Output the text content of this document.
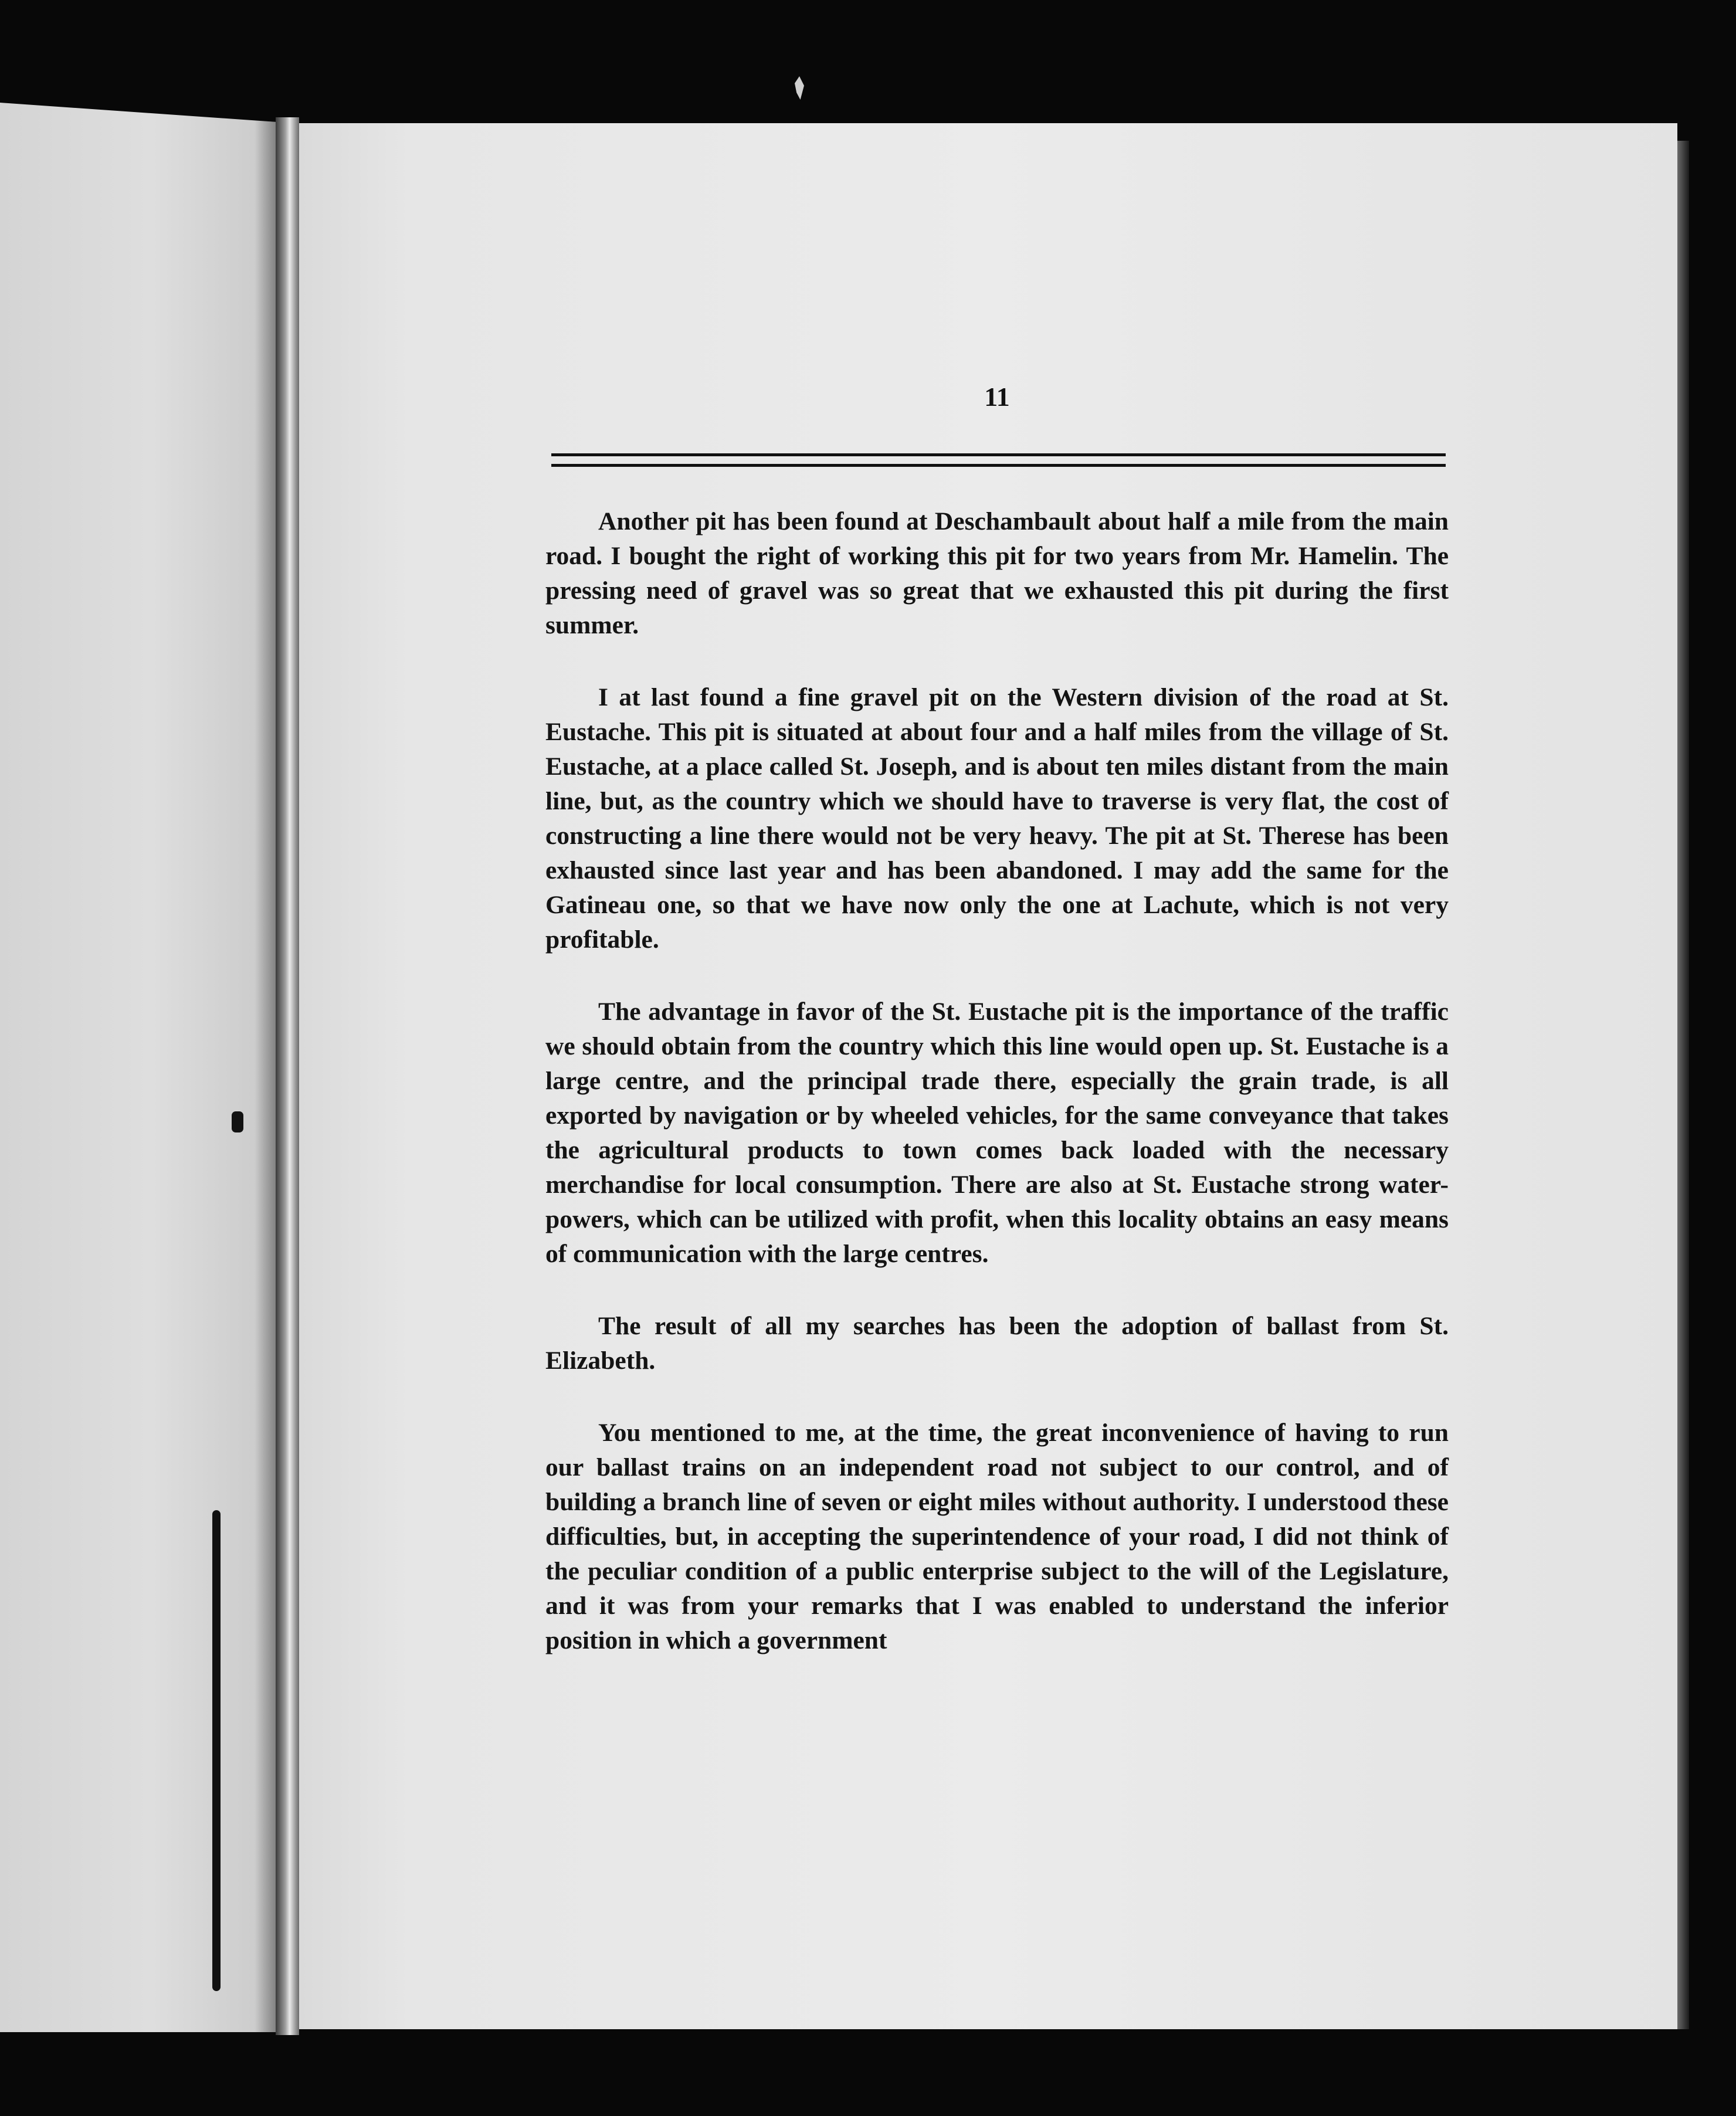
11

Another pit has been found at Deschambault about half a mile from the main road. I bought the right of working this pit for two years from Mr. Hamelin. The pressing need of gravel was so great that we exhausted this pit during the first summer.

I at last found a fine gravel pit on the Western division of the road at St. Eustache. This pit is situated at about four and a half miles from the village of St. Eustache, at a place called St. Joseph, and is about ten miles distant from the main line, but, as the country which we should have to traverse is very flat, the cost of constructing a line there would not be very heavy. The pit at St. Therese has been exhausted since last year and has been abandoned. I may add the same for the Gatineau one, so that we have now only the one at Lachute, which is not very profitable.

The advantage in favor of the St. Eustache pit is the importance of the traffic we should obtain from the country which this line would open up. St. Eustache is a large centre, and the principal trade there, especially the grain trade, is all exported by navigation or by wheeled vehicles, for the same conveyance that takes the agricultural products to town comes back loaded with the necessary merchandise for local consumption. There are also at St. Eustache strong water-powers, which can be utilized with profit, when this locality obtains an easy means of communication with the large centres.

The result of all my searches has been the adoption of ballast from St. Elizabeth.

You mentioned to me, at the time, the great inconvenience of having to run our ballast trains on an independent road not subject to our control, and of building a branch line of seven or eight miles without authority. I understood these difficulties, but, in accepting the superintendence of your road, I did not think of the peculiar condition of a public enterprise subject to the will of the Legislature, and it was from your remarks that I was enabled to understand the inferior position in which a government
